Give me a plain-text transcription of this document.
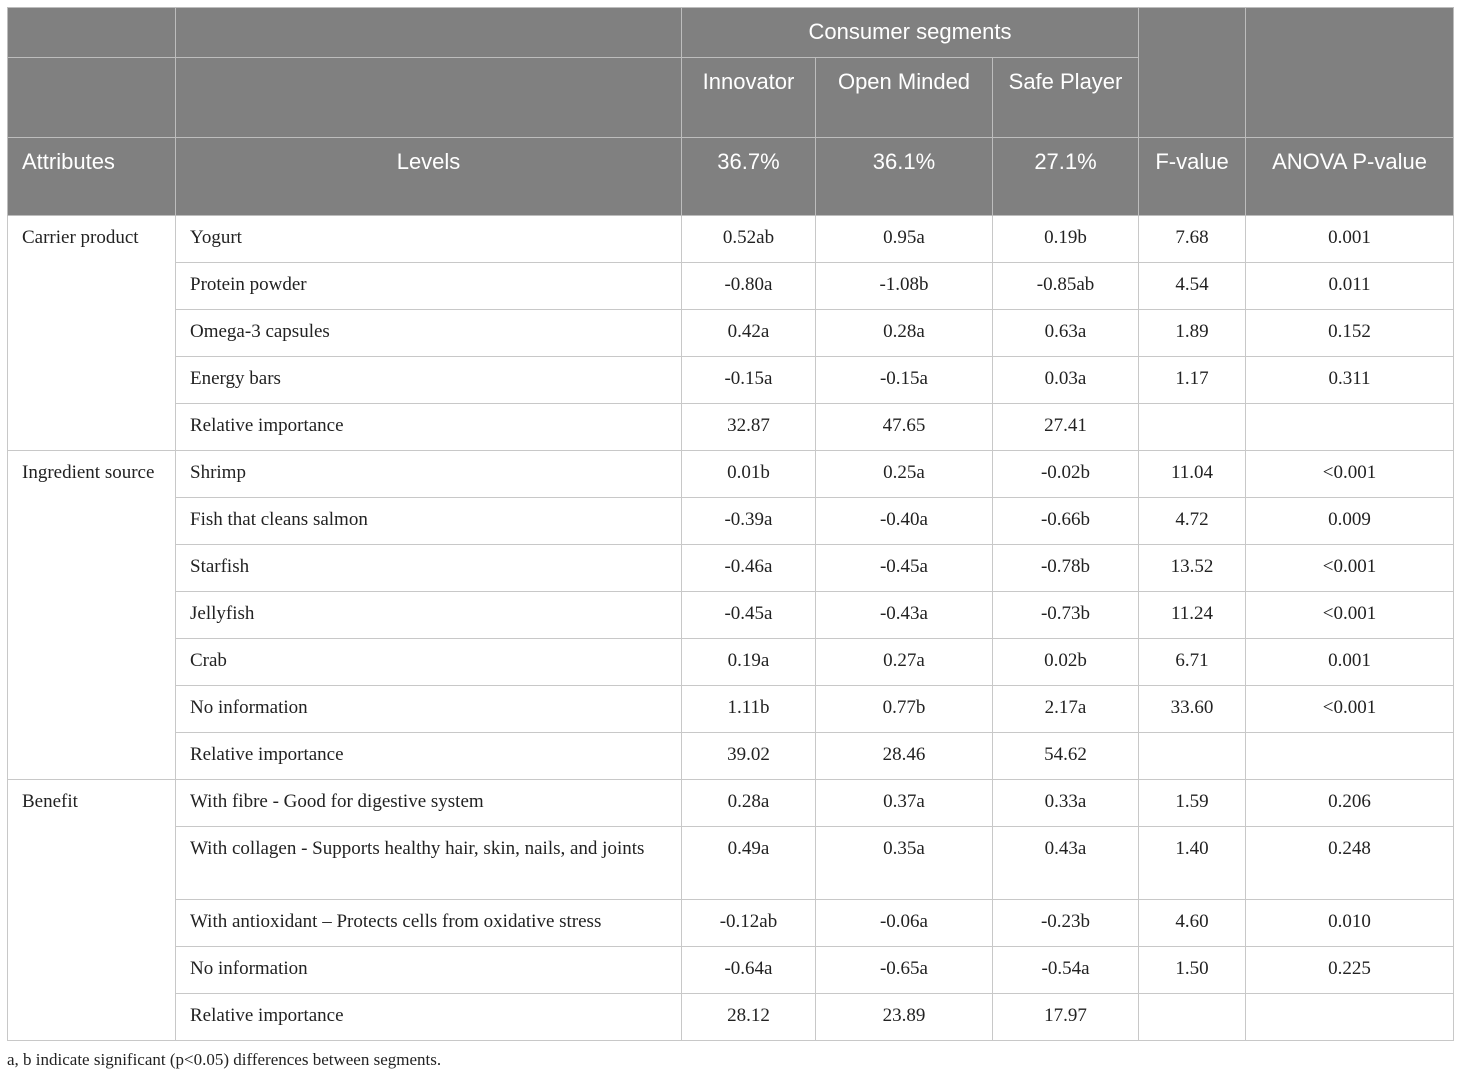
		Consumer segments				
		Innovator	Open Minded	Safe Player		
Attributes	Levels	36.7%	36.1%	27.1%	F-value	ANOVA P-value
Carrier product	Yogurt	0.52ab	0.95a	0.19b	7.68	0.001
	Protein powder	-0.80a	-1.08b	-0.85ab	4.54	0.011
	Omega-3 capsules	0.42a	0.28a	0.63a	1.89	0.152
	Energy bars	-0.15a	-0.15a	0.03a	1.17	0.311
	Relative importance	32.87	47.65	27.41		
Ingredient source	Shrimp	0.01b	0.25a	-0.02b	11.04	<0.001
	Fish that cleans salmon	-0.39a	-0.40a	-0.66b	4.72	0.009
	Starfish	-0.46a	-0.45a	-0.78b	13.52	<0.001
	Jellyfish	-0.45a	-0.43a	-0.73b	11.24	<0.001
	Crab	0.19a	0.27a	0.02b	6.71	0.001
	No information	1.11b	0.77b	2.17a	33.60	<0.001
	Relative importance	39.02	28.46	54.62		
Benefit	With fibre - Good for digestive system	0.28a	0.37a	0.33a	1.59	0.206
	With collagen - Supports healthy hair, skin, nails, and joints	0.49a	0.35a	0.43a	1.40	0.248
	With antioxidant – Protects cells from oxidative stress	-0.12ab	-0.06a	-0.23b	4.60	0.010
	No information	-0.64a	-0.65a	-0.54a	1.50	0.225
	Relative importance	28.12	23.89	17.97		
a, b indicate significant (p<0.05) differences between segments.
